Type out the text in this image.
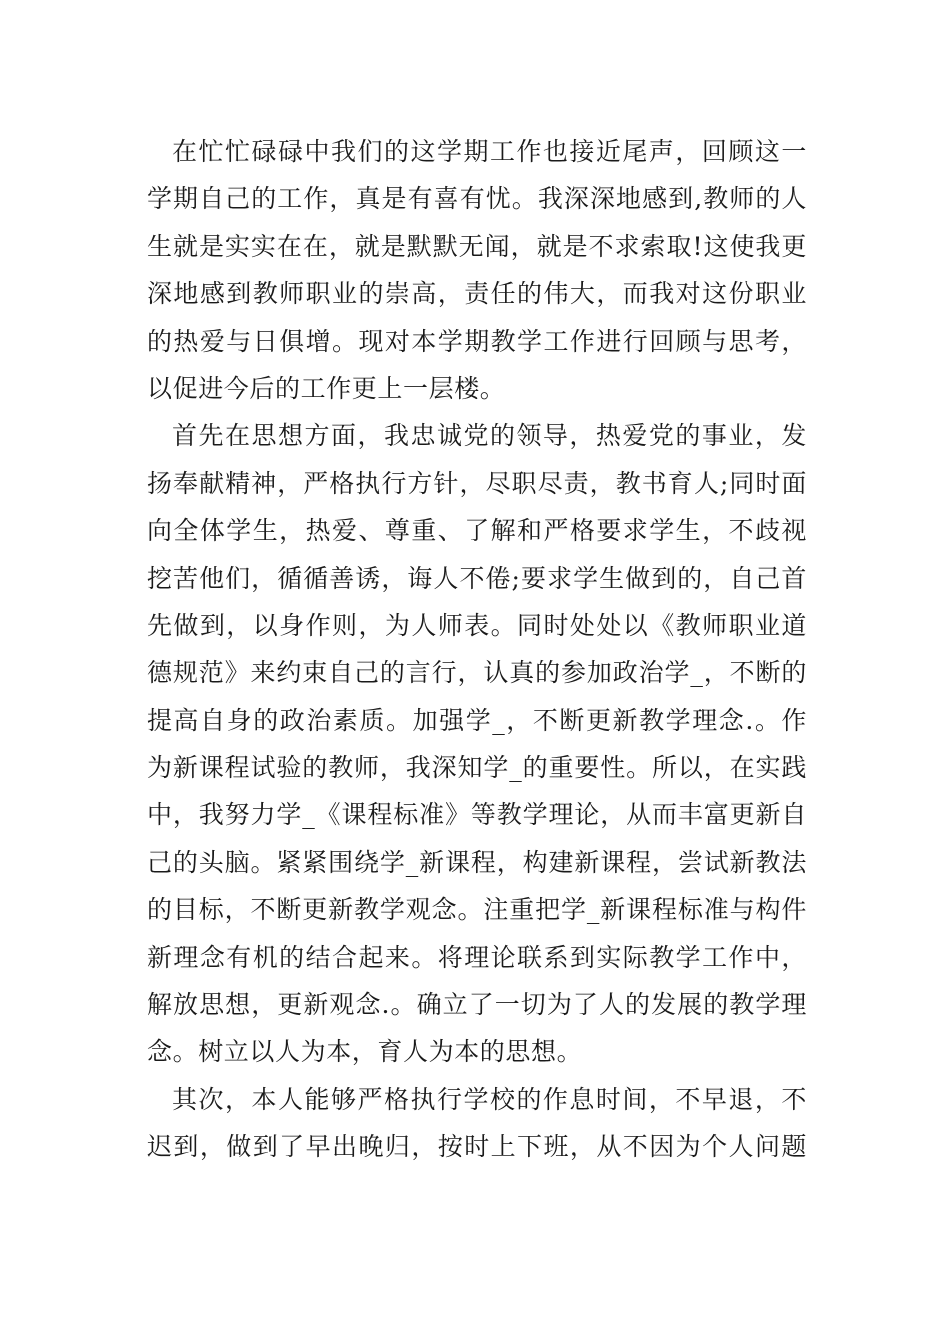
在忙忙碌碌中我们的这学期工作也接近尾声，回顾这一
学期自己的工作，真是有喜有忧。我深深地感到,教师的人
生就是实实在在，就是默默无闻，就是不求索取!这使我更
深地感到教师职业的崇高，责任的伟大，而我对这份职业
的热爱与日俱增。现对本学期教学工作进行回顾与思考，
以促进今后的工作更上一层楼。
首先在思想方面，我忠诚党的领导，热爱党的事业，发
扬奉献精神，严格执行方针，尽职尽责，教书育人;同时面
向全体学生，热爱、尊重、了解和严格要求学生，不歧视
挖苦他们，循循善诱，诲人不倦;要求学生做到的，自己首
先做到，以身作则，为人师表。同时处处以《教师职业道
德规范》来约束自己的言行，认真的参加政治学_，不断的
提高自身的政治素质。加强学_，不断更新教学理念.。作
为新课程试验的教师，我深知学_的重要性。所以，在实践
中，我努力学_《课程标准》等教学理论，从而丰富更新自
己的头脑。紧紧围绕学_新课程，构建新课程，尝试新教法
的目标，不断更新教学观念。注重把学_新课程标准与构件
新理念有机的结合起来。将理论联系到实际教学工作中，
解放思想，更新观念.。确立了一切为了人的发展的教学理
念。树立以人为本，育人为本的思想。
其次，本人能够严格执行学校的作息时间，不早退，不
迟到，做到了早出晚归，按时上下班，从不因为个人问题
